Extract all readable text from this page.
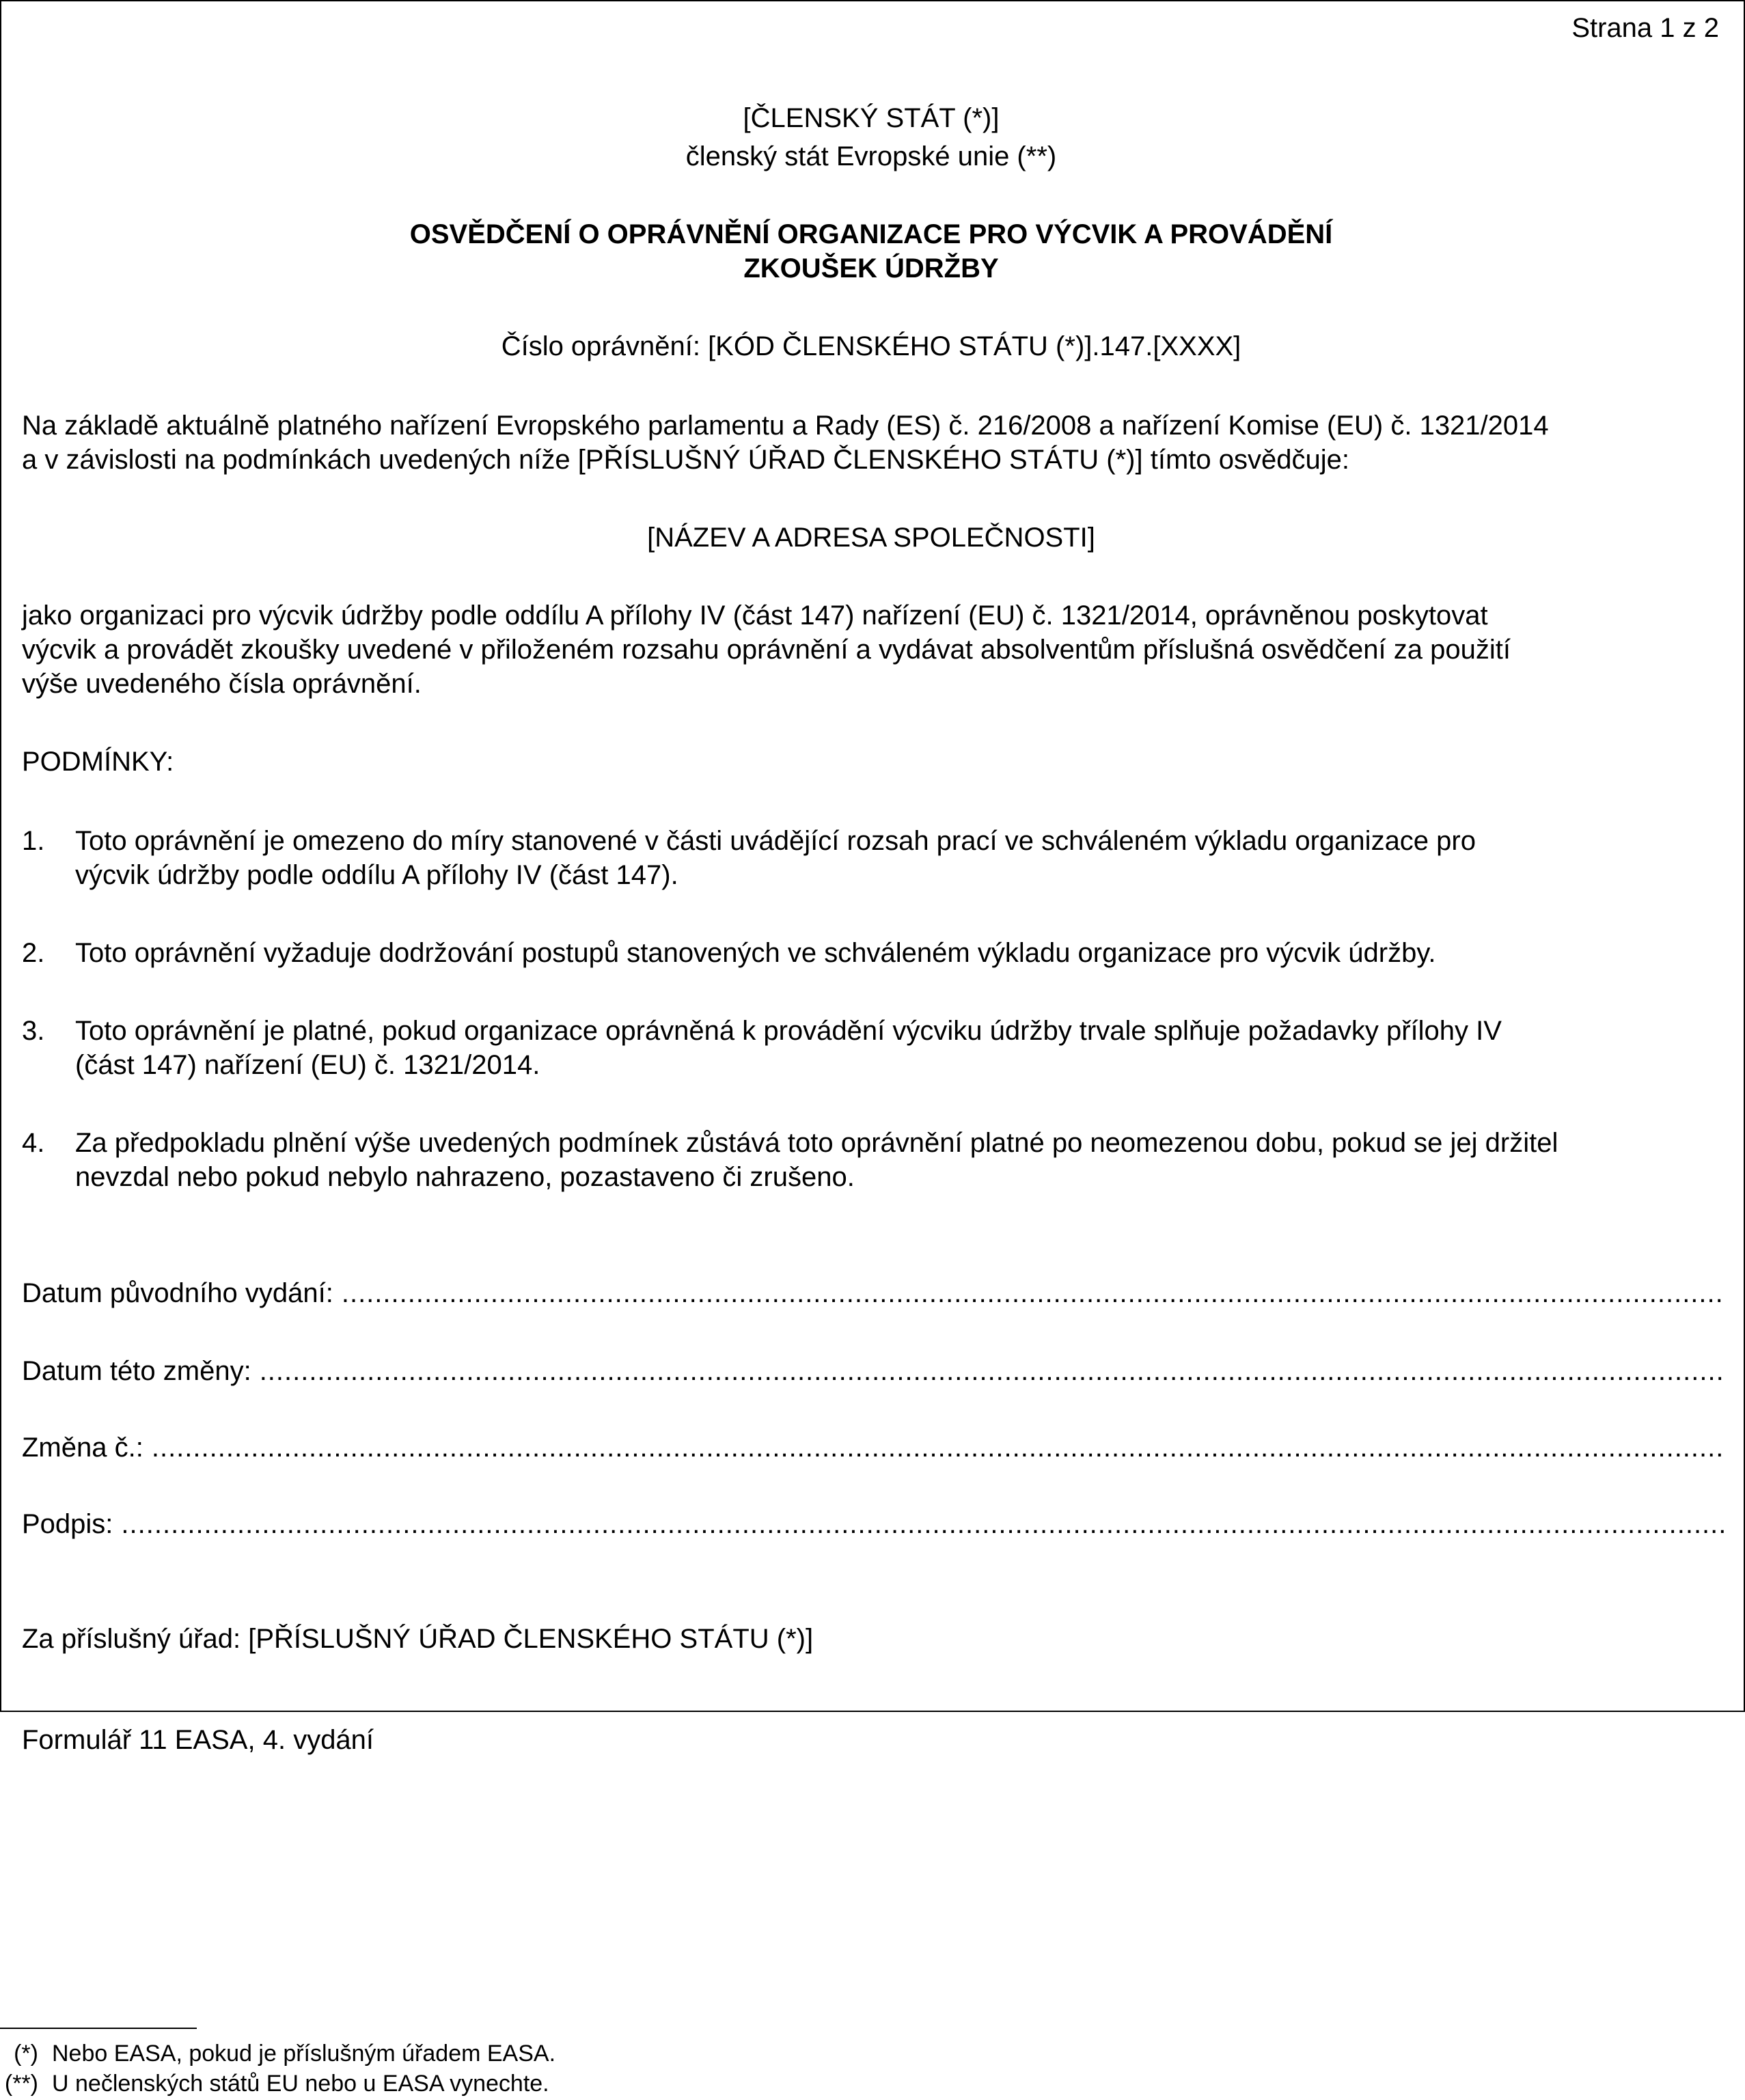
Strana 1 z 2
[ČLENSKÝ STÁT (*)]
členský stát Evropské unie (**)
OSVĚDČENÍ O OPRÁVNĚNÍ ORGANIZACE PRO VÝCVIK A PROVÁDĚNÍ
ZKOUŠEK ÚDRŽBY
Číslo oprávnění: [KÓD ČLENSKÉHO STÁTU (*)].147.[XXXX]
Na základě aktuálně platného nařízení Evropského parlamentu a Rady (ES) č. 216/2008 a nařízení Komise (EU) č. 1321/2014
a v závislosti na podmínkách uvedených níže [PŘÍSLUŠNÝ ÚŘAD ČLENSKÉHO STÁTU (*)] tímto osvědčuje:
[NÁZEV A ADRESA SPOLEČNOSTI]
jako organizaci pro výcvik údržby podle oddílu A přílohy IV (část 147) nařízení (EU) č. 1321/2014, oprávněnou poskytovat
výcvik a provádět zkoušky uvedené v přiloženém rozsahu oprávnění a vydávat absolventům příslušná osvědčení za použití
výše uvedeného čísla oprávnění.
PODMÍNKY:
1. Toto oprávnění je omezeno do míry stanovené v části uvádějící rozsah prací ve schváleném výkladu organizace pro
výcvik údržby podle oddílu A přílohy IV (část 147).
2. Toto oprávnění vyžaduje dodržování postupů stanovených ve schváleném výkladu organizace pro výcvik údržby.
3. Toto oprávnění je platné, pokud organizace oprávněná k provádění výcviku údržby trvale splňuje požadavky přílohy IV
(část 147) nařízení (EU) č. 1321/2014.
4. Za předpokladu plnění výše uvedených podmínek zůstává toto oprávnění platné po neomezenou dobu, pokud se jej držitel
nevzdal nebo pokud nebylo nahrazeno, pozastaveno či zrušeno.
Datum původního vydání:
.....
Datum této změny:
.....
Změna č.:
.....
Podpis:
.....
Za příslušný úřad: [PŘÍSLUŠNÝ ÚŘAD ČLENSKÉHO STÁTU (*)]
Formulář 11 EASA, 4. vydání
(*) Nebo EASA, pokud je příslušným úřadem EASA.
(**) U nečlenských států EU nebo u EASA vynechte.
